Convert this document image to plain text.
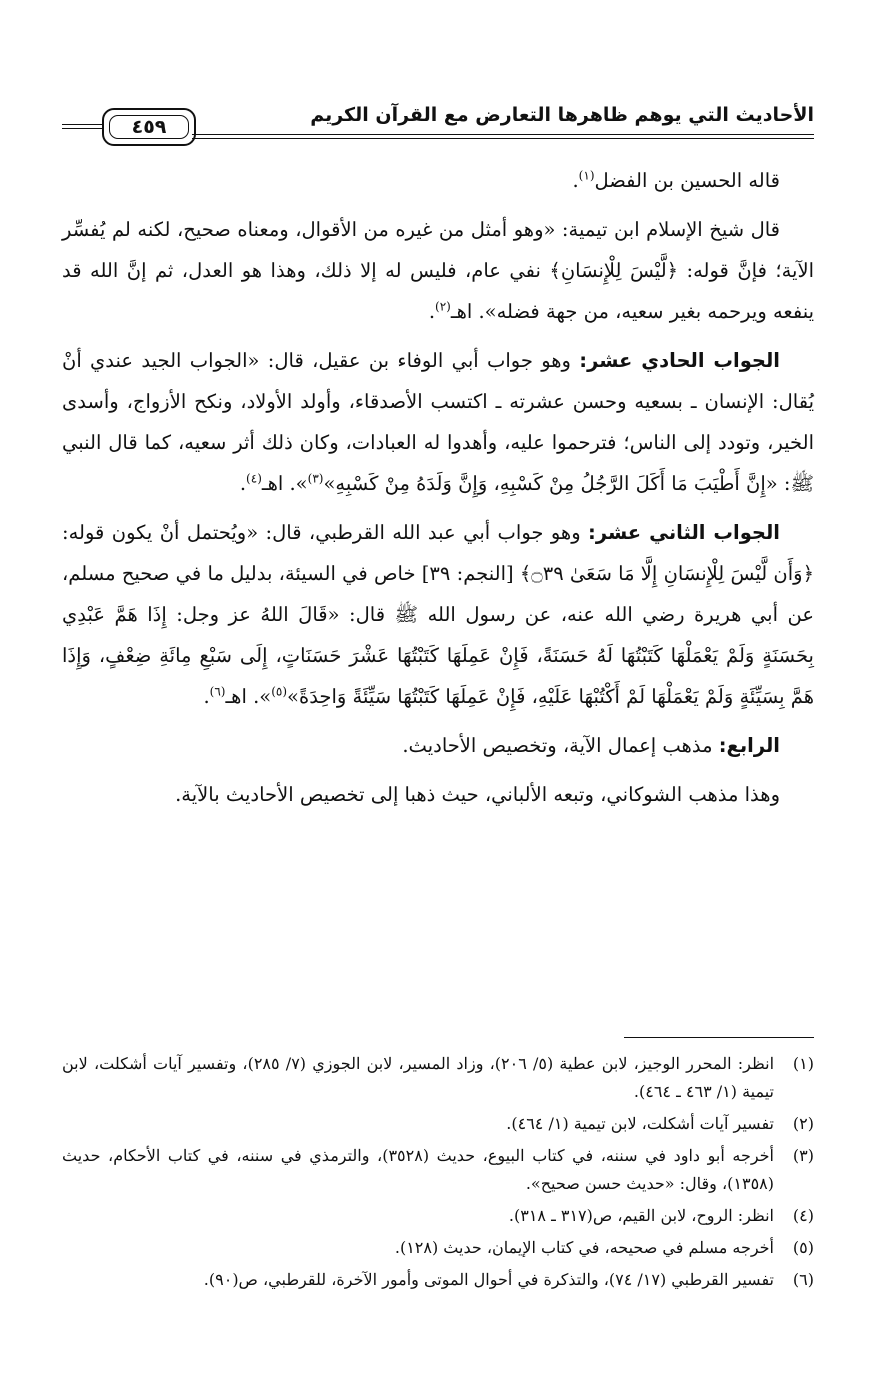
الأحاديث التي يوهم ظاهرها التعارض مع القرآن الكريم
٤٥٩

قاله الحسين بن الفضل$^{(١)}$.

قال شيخ الإسلام ابن تيمية: «وهو أمثل من غيره من الأقوال، ومعناه صحيح، لكنه لم يُفسِّر الآية؛ فإنَّ قوله: ﴿لَّيْسَ لِلْإِنسَانِ﴾ نفي عام، فليس له إلا ذلك، وهذا هو العدل، ثم إنَّ الله قد ينفعه ويرحمه بغير سعيه، من جهة فضله». اهـ$^{(٢)}$.

الجواب الحادي عشر: وهو جواب أبي الوفاء بن عقيل، قال: «الجواب الجيد عندي أنْ يُقال: الإنسان ـ بسعيه وحسن عشرته ـ اكتسب الأصدقاء، وأولد الأولاد، ونكح الأزواج، وأسدى الخير، وتودد إلى الناس؛ فترحموا عليه، وأهدوا له العبادات، وكان ذلك أثر سعيه، كما قال النبي ﷺ: «إِنَّ أَطْيَبَ مَا أَكَلَ الرَّجُلُ مِنْ كَسْبِهِ، وَإِنَّ وَلَدَهُ مِنْ كَسْبِهِ»$^{(٣)}$». اهـ$^{(٤)}$.

الجواب الثاني عشر: وهو جواب أبي عبد الله القرطبي، قال: «ويُحتمل أنْ يكون قوله: ﴿وَأَن لَّيْسَ لِلْإِنسَانِ إِلَّا مَا سَعَىٰ ۝٣٩﴾ [النجم: ٣٩] خاص في السيئة، بدليل ما في صحيح مسلم، عن أبي هريرة رضي الله عنه، عن رسول الله ﷺ قال: «قَالَ اللهُ عز وجل: إِذَا هَمَّ عَبْدِي بِحَسَنَةٍ وَلَمْ يَعْمَلْهَا كَتَبْتُهَا لَهُ حَسَنَةً، فَإِنْ عَمِلَهَا كَتَبْتُهَا عَشْرَ حَسَنَاتٍ، إِلَى سَبْعِ مِائَةِ ضِعْفٍ، وَإِذَا هَمَّ بِسَيِّئَةٍ وَلَمْ يَعْمَلْهَا لَمْ أَكْتُبْهَا عَلَيْهِ، فَإِنْ عَمِلَهَا كَتَبْتُهَا سَيِّئَةً وَاحِدَةً»$^{(٥)}$». اهـ$^{(٦)}$.

الرابع: مذهب إعمال الآية، وتخصيص الأحاديث.

وهذا مذهب الشوكاني، وتبعه الألباني، حيث ذهبا إلى تخصيص الأحاديث بالآية.

(١)
انظر: المحرر الوجيز، لابن عطية (٥/ ٢٠٦)، وزاد المسير، لابن الجوزي (٧/ ٢٨٥)، وتفسير آيات أشكلت، لابن تيمية (١/ ٤٦٣ ـ ٤٦٤).
(٢)
تفسير آيات أشكلت، لابن تيمية (١/ ٤٦٤).
(٣)
أخرجه أبو داود في سننه، في كتاب البيوع، حديث (٣٥٢٨)، والترمذي في سننه، في كتاب الأحكام، حديث (١٣٥٨)، وقال: «حديث حسن صحيح».
(٤)
انظر: الروح، لابن القيم، ص(٣١٧ ـ ٣١٨).
(٥)
أخرجه مسلم في صحيحه، في كتاب الإيمان، حديث (١٢٨).
(٦)
تفسير القرطبي (١٧/ ٧٤)، والتذكرة في أحوال الموتى وأمور الآخرة، للقرطبي، ص(٩٠).
